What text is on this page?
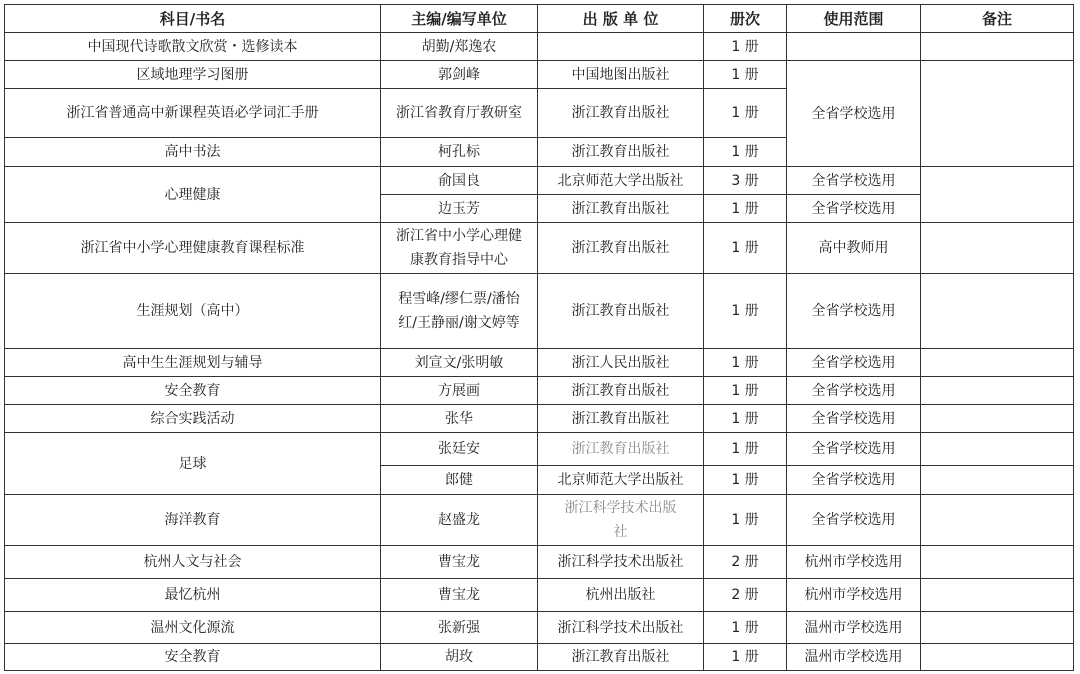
科目/书名	主编/编写单位	出 版 单 位	册次	使用范围	备注
中国现代诗歌散文欣赏・选修读本	胡勤/郑逸农		1 册		
区域地理学习图册	郭剑峰	中国地图出版社	1 册	全省学校选用	
浙江省普通高中新课程英语必学词汇手册	浙江省教育厅教研室	浙江教育出版社	1 册		
高中书法	柯孔标	浙江教育出版社	1 册		
心理健康	俞国良	北京师范大学出版社	3 册	全省学校选用	
	边玉芳	浙江教育出版社	1 册	全省学校选用	
浙江省中小学心理健康教育课程标准	浙江省中小学心理健康教育指导中心	浙江教育出版社	1 册	高中教师用	
生涯规划（高中）	程雪峰/缪仁票/潘怡红/王静丽/谢文婷等	浙江教育出版社	1 册	全省学校选用	
高中生生涯规划与辅导	刘宣文/张明敏	浙江人民出版社	1 册	全省学校选用	
安全教育	方展画	浙江教育出版社	1 册	全省学校选用	
综合实践活动	张华	浙江教育出版社	1 册	全省学校选用	
足球	张廷安	浙江教育出版社	1 册	全省学校选用	
	郎健	北京师范大学出版社	1 册	全省学校选用	
海洋教育	赵盛龙	浙江科学技术出版社	1 册	全省学校选用	
杭州人文与社会	曹宝龙	浙江科学技术出版社	2 册	杭州市学校选用	
最忆杭州	曹宝龙	杭州出版社	2 册	杭州市学校选用	
温州文化源流	张新强	浙江科学技术出版社	1 册	温州市学校选用	
安全教育	胡玫	浙江教育出版社	1 册	温州市学校选用	
